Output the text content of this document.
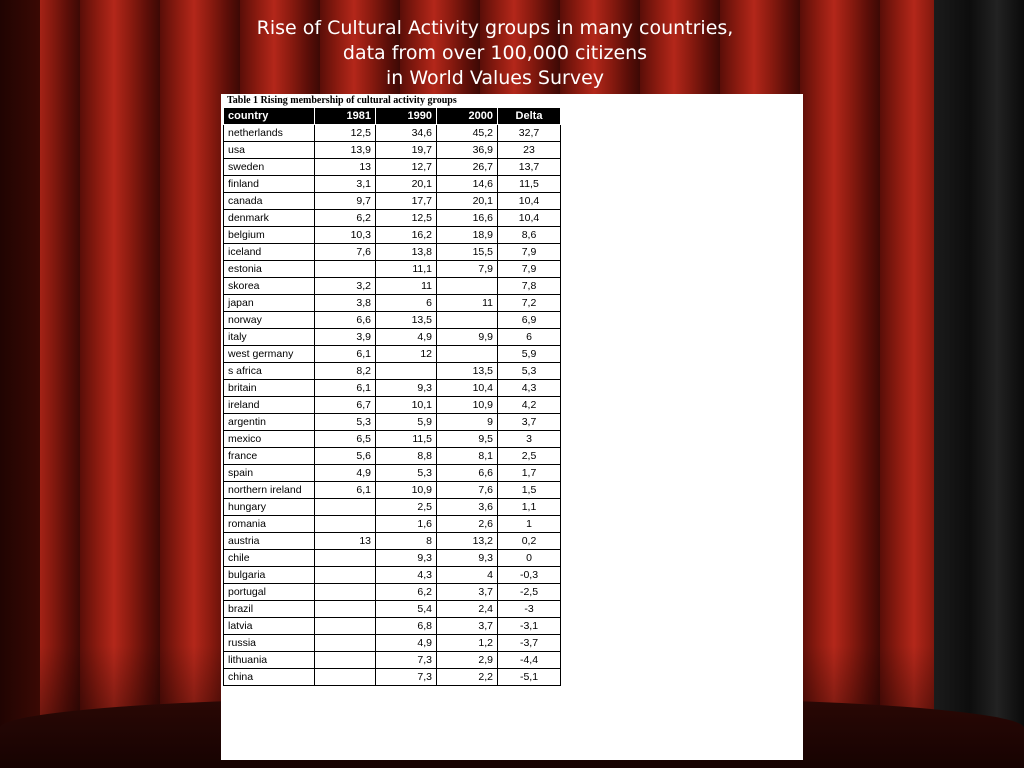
Rise of Cultural Activity groups in many countries,
data from over 100,000 citizens
in World Values Survey
Table 1 Rising membership of cultural activity groups
country	1981	1990	2000	Delta
netherlands	12,5	34,6	45,2	32,7
usa	13,9	19,7	36,9	23
sweden	13	12,7	26,7	13,7
finland	3,1	20,1	14,6	11,5
canada	9,7	17,7	20,1	10,4
denmark	6,2	12,5	16,6	10,4
belgium	10,3	16,2	18,9	8,6
iceland	7,6	13,8	15,5	7,9
estonia		11,1	7,9	7,9
skorea	3,2	11		7,8
japan	3,8	6	11	7,2
norway	6,6	13,5		6,9
italy	3,9	4,9	9,9	6
west germany	6,1	12		5,9
s africa	8,2		13,5	5,3
britain	6,1	9,3	10,4	4,3
ireland	6,7	10,1	10,9	4,2
argentin	5,3	5,9	9	3,7
mexico	6,5	11,5	9,5	3
france	5,6	8,8	8,1	2,5
spain	4,9	5,3	6,6	1,7
northern ireland	6,1	10,9	7,6	1,5
hungary		2,5	3,6	1,1
romania		1,6	2,6	1
austria	13	8	13,2	0,2
chile		9,3	9,3	0
bulgaria		4,3	4	-0,3
portugal		6,2	3,7	-2,5
brazil		5,4	2,4	-3
latvia		6,8	3,7	-3,1
russia		4,9	1,2	-3,7
lithuania		7,3	2,9	-4,4
china		7,3	2,2	-5,1
